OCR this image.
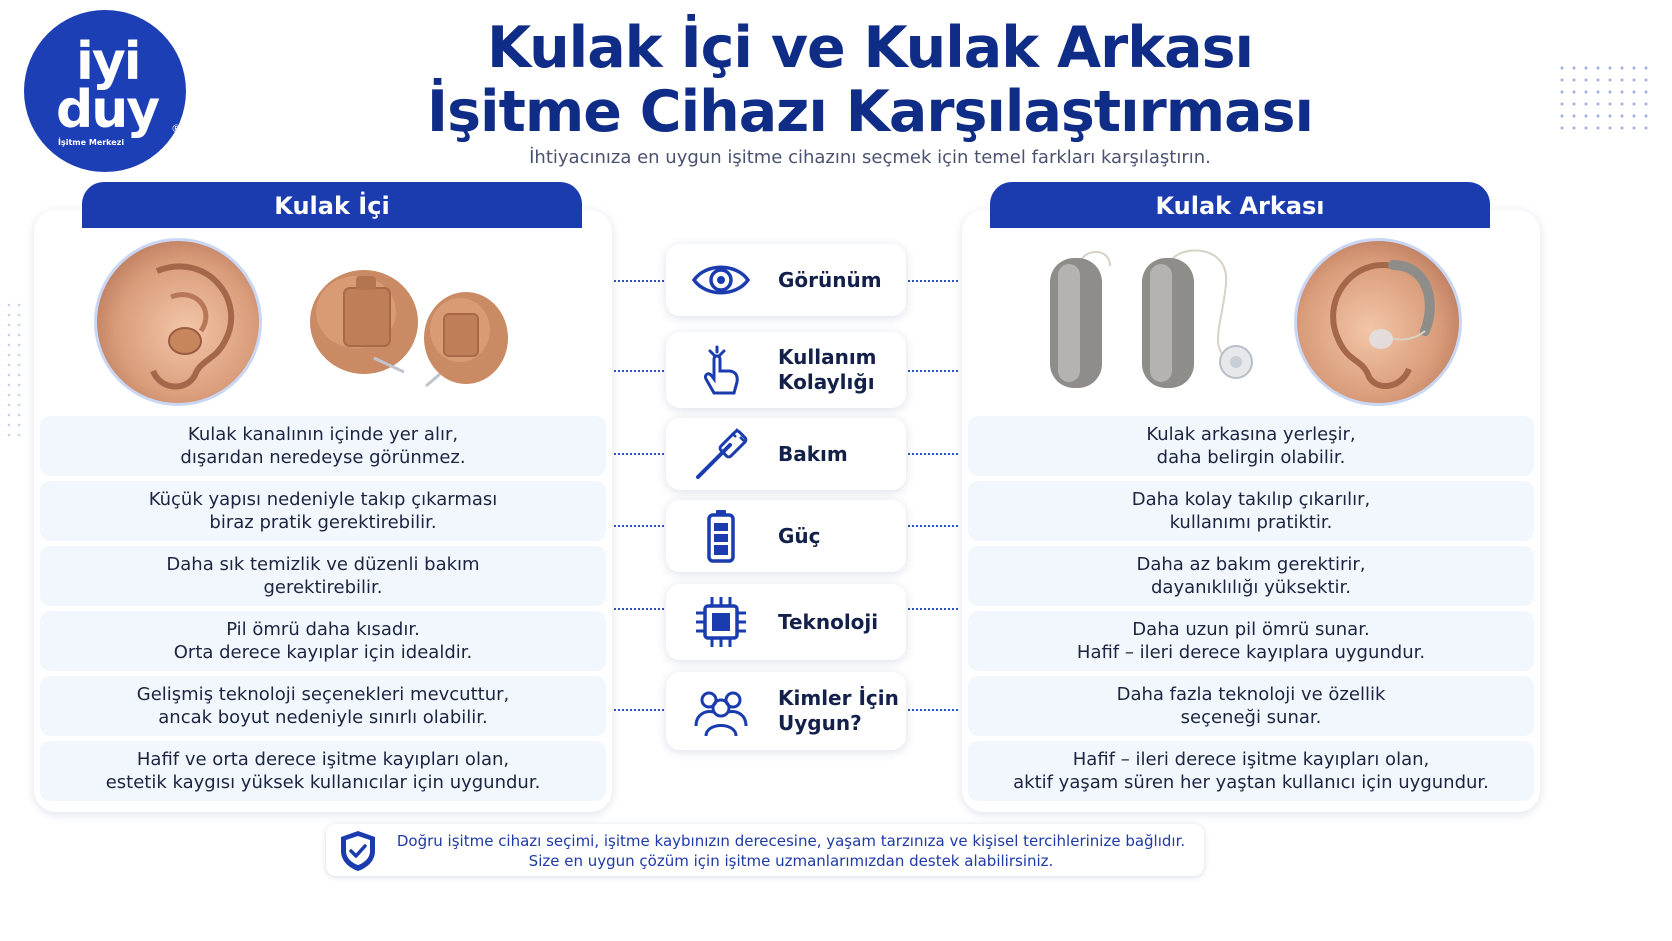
iyi
duy ®
İşitme Merkezi
Kulak İçi ve Kulak Arkası
İşitme Cihazı Karşılaştırması
İhtiyacınıza en uygun işitme cihazını seçmek için temel farkları karşılaştırın.
Kulak İçi	Kulak Arkası
Kulak kanalının içinde yer alır,
dışarıdan neredeyse görünmez.
Küçük yapısı nedeniyle takıp çıkarması
biraz pratik gerektirebilir.
Daha sık temizlik ve düzenli bakım
gerektirebilir.
Pil ömrü daha kısadır.
Orta derece kayıplar için idealdir.
Gelişmiş teknoloji seçenekleri mevcuttur,
ancak boyut nedeniyle sınırlı olabilir.
Hafif ve orta derece işitme kayıpları olan,
estetik kaygısı yüksek kullanıcılar için uygundur.
Kulak arkasına yerleşir,
daha belirgin olabilir.
Daha kolay takılıp çıkarılır,
kullanımı pratiktir.
Daha az bakım gerektirir,
dayanıklılığı yüksektir.
Daha uzun pil ömrü sunar.
Hafif – ileri derece kayıplara uygundur.
Daha fazla teknoloji ve özellik
seçeneği sunar.
Hafif – ileri derece işitme kayıpları olan,
aktif yaşam süren her yaştan kullanıcı için uygundur.
Görünüm
Kullanım
Kolaylığı
Bakım
Güç
Teknoloji
Kimler İçin
Uygun?
Doğru işitme cihazı seçimi, işitme kaybınızın derecesine, yaşam tarzınıza ve kişisel tercihlerinize bağlıdır.
Size en uygun çözüm için işitme uzmanlarımızdan destek alabilirsiniz.
